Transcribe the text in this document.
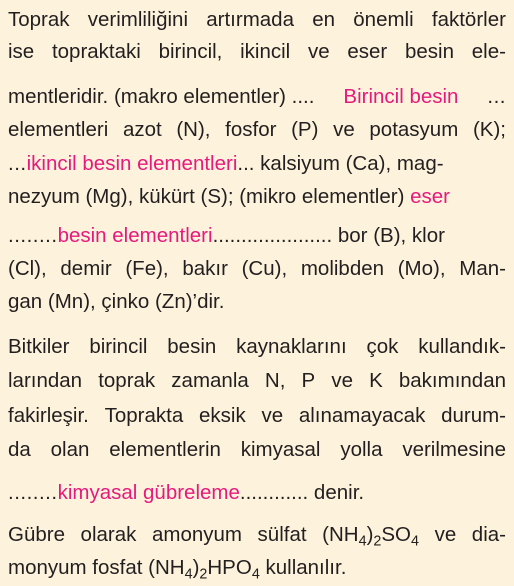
Toprak verimliliğini artırmada en önemli faktörler
ise topraktaki birincil, ikincil ve eser besin ele-
mentleridir. (makro elementler) .... Birincil besin ...
elementleri azot (N), fosfor (P) ve potasyum (K);
...ikincil besin elementleri... kalsiyum (Ca), mag-
nezyum (Mg), kükürt (S); (mikro elementler) eser
........besin elementleri..................... bor (B), klor
(Cl), demir (Fe), bakır (Cu), molibden (Mo), Man-
gan (Mn), çinko (Zn)’dir.
Bitkiler birincil besin kaynaklarını çok kullandık-
larından toprak zamanla N, P ve K bakımından
fakirleşir. Toprakta eksik ve alınamayacak durum-
da olan elementlerin kimyasal yolla verilmesine
........kimyasal gübreleme............ denir.
Gübre olarak amonyum sülfat $(NH_4)_2SO_4$ ve dia-
monyum fosfat $(NH_4)_2HPO_4$ kullanılır.
